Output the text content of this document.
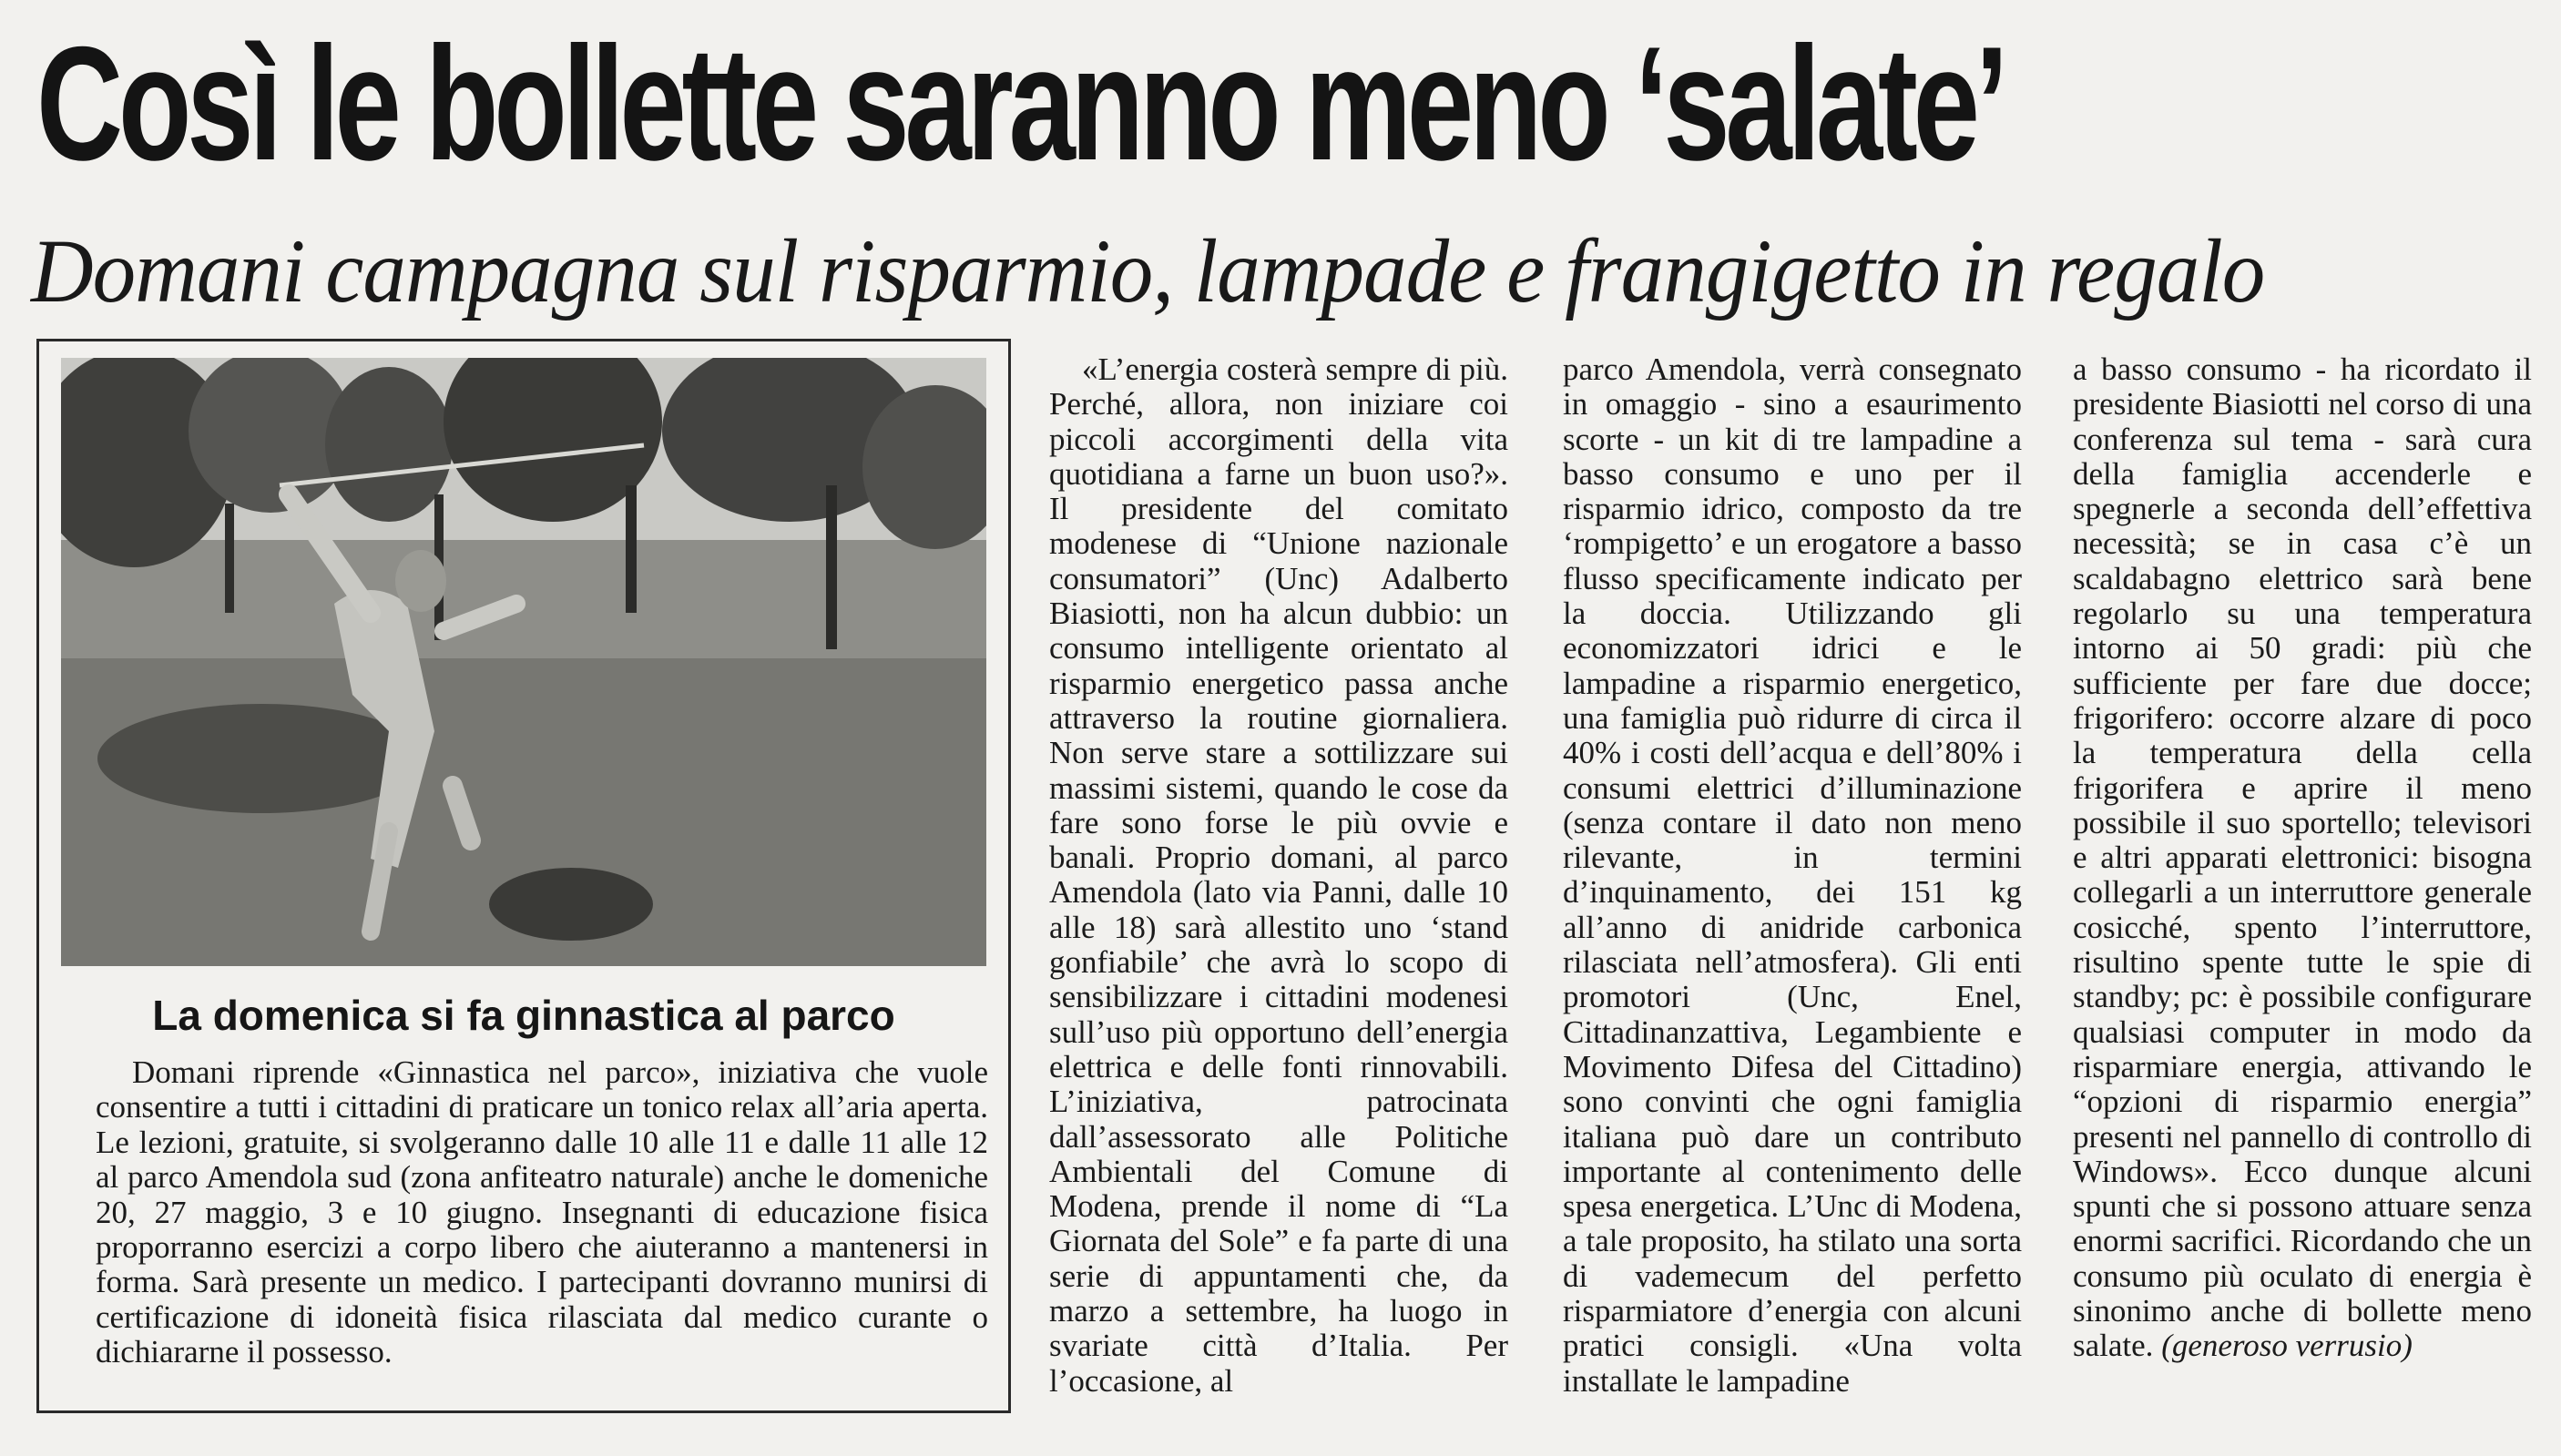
Così le bollette saranno meno ‘salate’
Domani campagna sul risparmio, lampade e frangigetto in regalo
La domenica si fa ginnastica al parco

Domani riprende «Ginnastica nel parco», iniziativa che vuole consentire a tutti i cittadini di praticare un tonico relax all’aria aperta. Le lezioni, gratuite, si svolgeranno dalle 10 alle 11 e dalle 11 alle 12 al parco Amendola sud (zona anfiteatro naturale) anche le domeniche 20, 27 maggio, 3 e 10 giugno. Insegnanti di educazione fisica proporranno esercizi a corpo libero che aiuteranno a mantenersi in forma. Sarà presente un medico. I partecipanti dovranno munirsi di certificazione di idoneità fisica rilasciata dal medico curante o dichiararne il possesso.

«L’energia costerà sempre di più. Perché, allora, non iniziare coi piccoli accorgimenti della vita quotidiana a farne un buon uso?». Il presidente del comitato modenese di “Unione nazionale consumatori” (Unc) Adalberto Biasiotti, non ha alcun dubbio: un consumo intelligente orientato al risparmio energetico passa anche attraverso la routine giornaliera. Non serve stare a sottilizzare sui massimi sistemi, quando le cose da fare sono forse le più ovvie e banali. Proprio domani, al parco Amendola (lato via Panni, dalle 10 alle 18) sarà allestito uno ‘stand gonfiabile’ che avrà lo scopo di sensibilizzare i cittadini modenesi sull’uso più opportuno dell’energia elettrica e delle fonti rinnovabili. L’iniziativa, patrocinata dall’assessorato alle Politiche Ambientali del Comune di Modena, prende il nome di “La Giornata del Sole” e fa parte di una serie di appuntamenti che, da marzo a settembre, ha luogo in svariate città d’Italia. Per l’occasione, al

parco Amendola, verrà consegnato in omaggio - sino a esaurimento scorte - un kit di tre lampadine a basso consumo e uno per il risparmio idrico, composto da tre ‘rompigetto’ e un erogatore a basso flusso specificamente indicato per la doccia. Utilizzando gli economizzatori idrici e le lampadine a risparmio energetico, una famiglia può ridurre di circa il 40% i costi dell’acqua e dell’80% i consumi elettrici d’illuminazione (senza contare il dato non meno rilevante, in termini d’inquinamento, dei 151 kg all’anno di anidride carbonica rilasciata nell’atmosfera). Gli enti promotori (Unc, Enel, Cittadinanzattiva, Legambiente e Movimento Difesa del Cittadino) sono convinti che ogni famiglia italiana può dare un contributo importante al contenimento delle spesa energetica. L’Unc di Modena, a tale proposito, ha stilato una sorta di vademecum del perfetto risparmiatore d’energia con alcuni pratici consigli. «Una volta installate le lampadine

a basso consumo - ha ricordato il presidente Biasiotti nel corso di una conferenza sul tema - sarà cura della famiglia accenderle e spegnerle a seconda dell’effettiva necessità; se in casa c’è un scaldabagno elettrico sarà bene regolarlo su una temperatura intorno ai 50 gradi: più che sufficiente per fare due docce; frigorifero: occorre alzare di poco la temperatura della cella frigorifera e aprire il meno possibile il suo sportello; televisori e altri apparati elettronici: bisogna collegarli a un interruttore generale cosicché, spento l’interruttore, risultino spente tutte le spie di standby; pc: è possibile configurare qualsiasi computer in modo da risparmiare energia, attivando le “opzioni di risparmio energia” presenti nel pannello di controllo di Windows». Ecco dunque alcuni spunti che si possono attuare senza enormi sacrifici. Ricordando che un consumo più oculato di energia è sinonimo anche di bollette meno salate. (generoso verrusio)
